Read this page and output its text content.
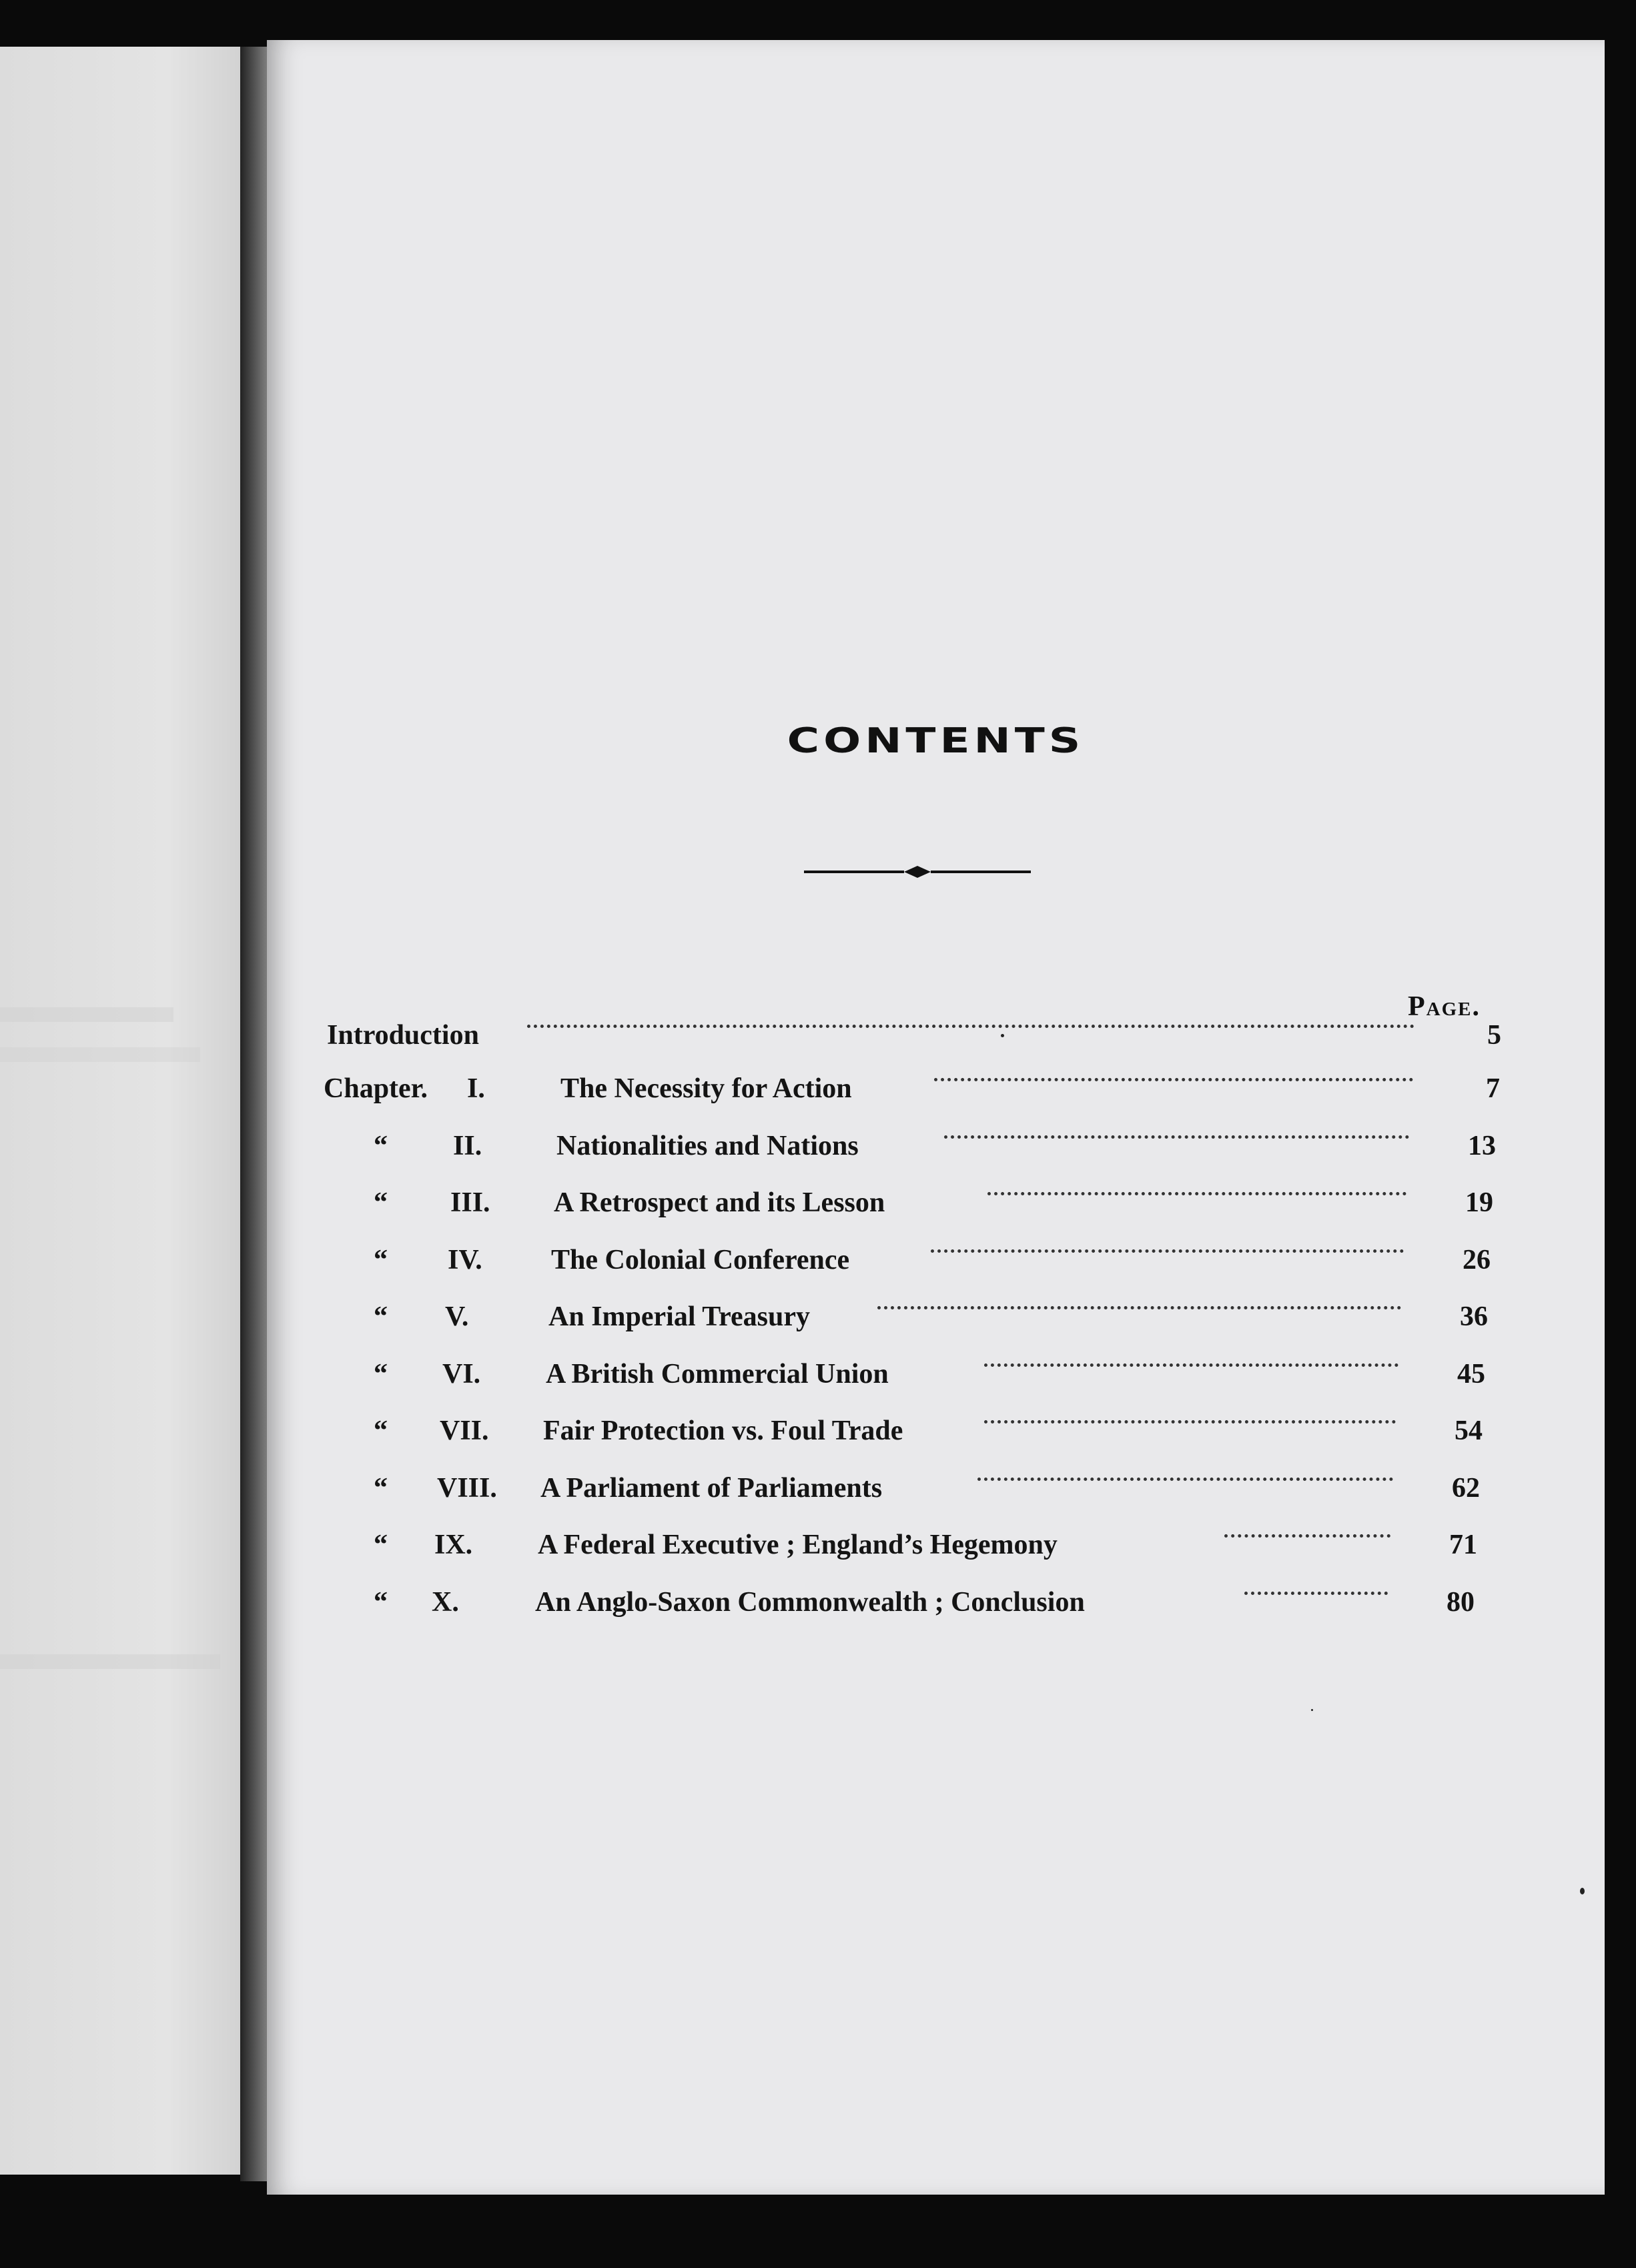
CONTENTS
Page.
Introduction	5
Chapter. I.	The Necessity for Action	7
“ II.	Nationalities and Nations	13
“ III. A Retrospect and its Lesson	19
“ IV. The Colonial Conference	26
“ V.	An Imperial Treasury	36
“ VI. A British Commercial Union	45
“ VII. Fair Protection vs. Foul Trade	54
“ VIII. A Parliament of Parliaments	62
“ IX. A Federal Executive ; England’s Hegemony	71
“ X.	An Anglo-Saxon Commonwealth ; Conclusion	80
